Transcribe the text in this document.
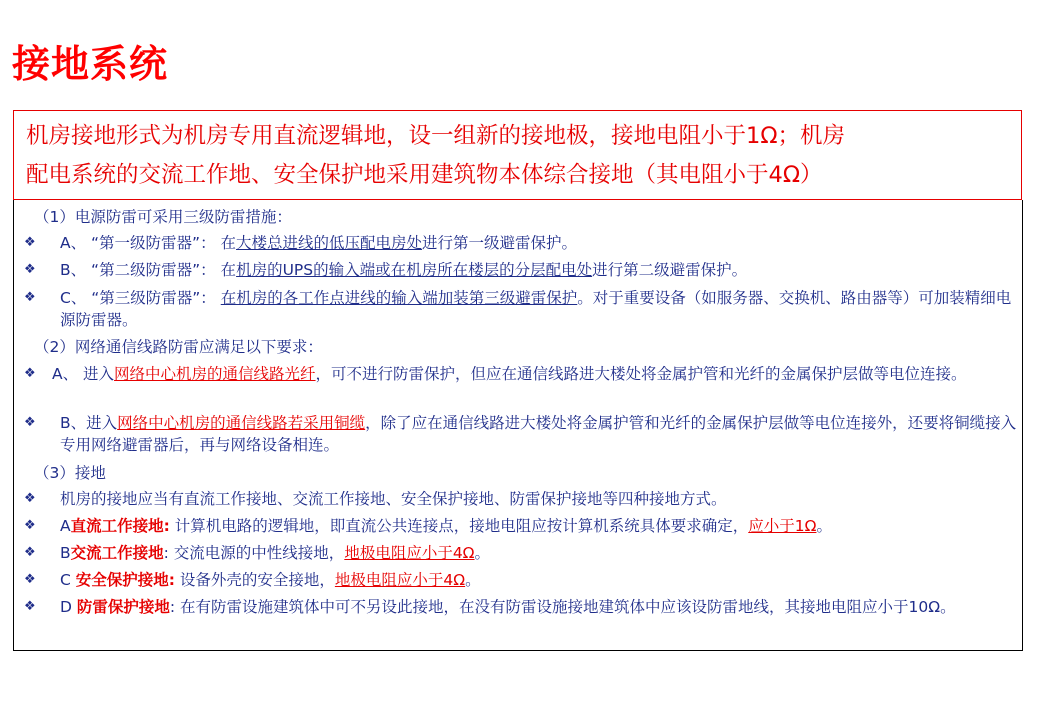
接地系统
机房接地形式为机房专用直流逻辑地，设一组新的接地极，接地电阻小于1Ω；机房
配电系统的交流工作地、安全保护地采用建筑物本体综合接地（其电阻小于4Ω）
（1）电源防雷可采用三级防雷措施：
❖	A、 “第一级防雷器”： 在大楼总进线的低压配电房处进行第一级避雷保护。
❖	B、 “第二级防雷器”： 在机房的UPS的输入端或在机房所在楼层的分层配电处进行第二级避雷保护。
❖	C、 “第三级防雷器”： 在机房的各工作点进线的输入端加装第三级避雷保护。对于重要设备（如服务器、交换机、路由器等）可加装精细电源防雷器。
（2）网络通信线路防雷应满足以下要求：
❖	A、 进入网络中心机房的通信线路光纤，可不进行防雷保护，但应在通信线路进大楼处将金属护管和光纤的金属保护层做等电位连接。
❖	B、进入网络中心机房的通信线路若采用铜缆，除了应在通信线路进大楼处将金属护管和光纤的金属保护层做等电位连接外，还要将铜缆接入专用网络避雷器后，再与网络设备相连。
（3）接地
❖	机房的接地应当有直流工作接地、交流工作接地、安全保护接地、防雷保护接地等四种接地方式。
❖	A直流工作接地: 计算机电路的逻辑地，即直流公共连接点，接地电阻应按计算机系统具体要求确定，应小于1Ω。
❖	B交流工作接地: 交流电源的中性线接地，地极电阻应小于4Ω。
❖	C 安全保护接地: 设备外壳的安全接地，地极电阻应小于4Ω。
❖	D 防雷保护接地: 在有防雷设施建筑体中可不另设此接地，在没有防雷设施接地建筑体中应该设防雷地线，其接地电阻应小于10Ω。
